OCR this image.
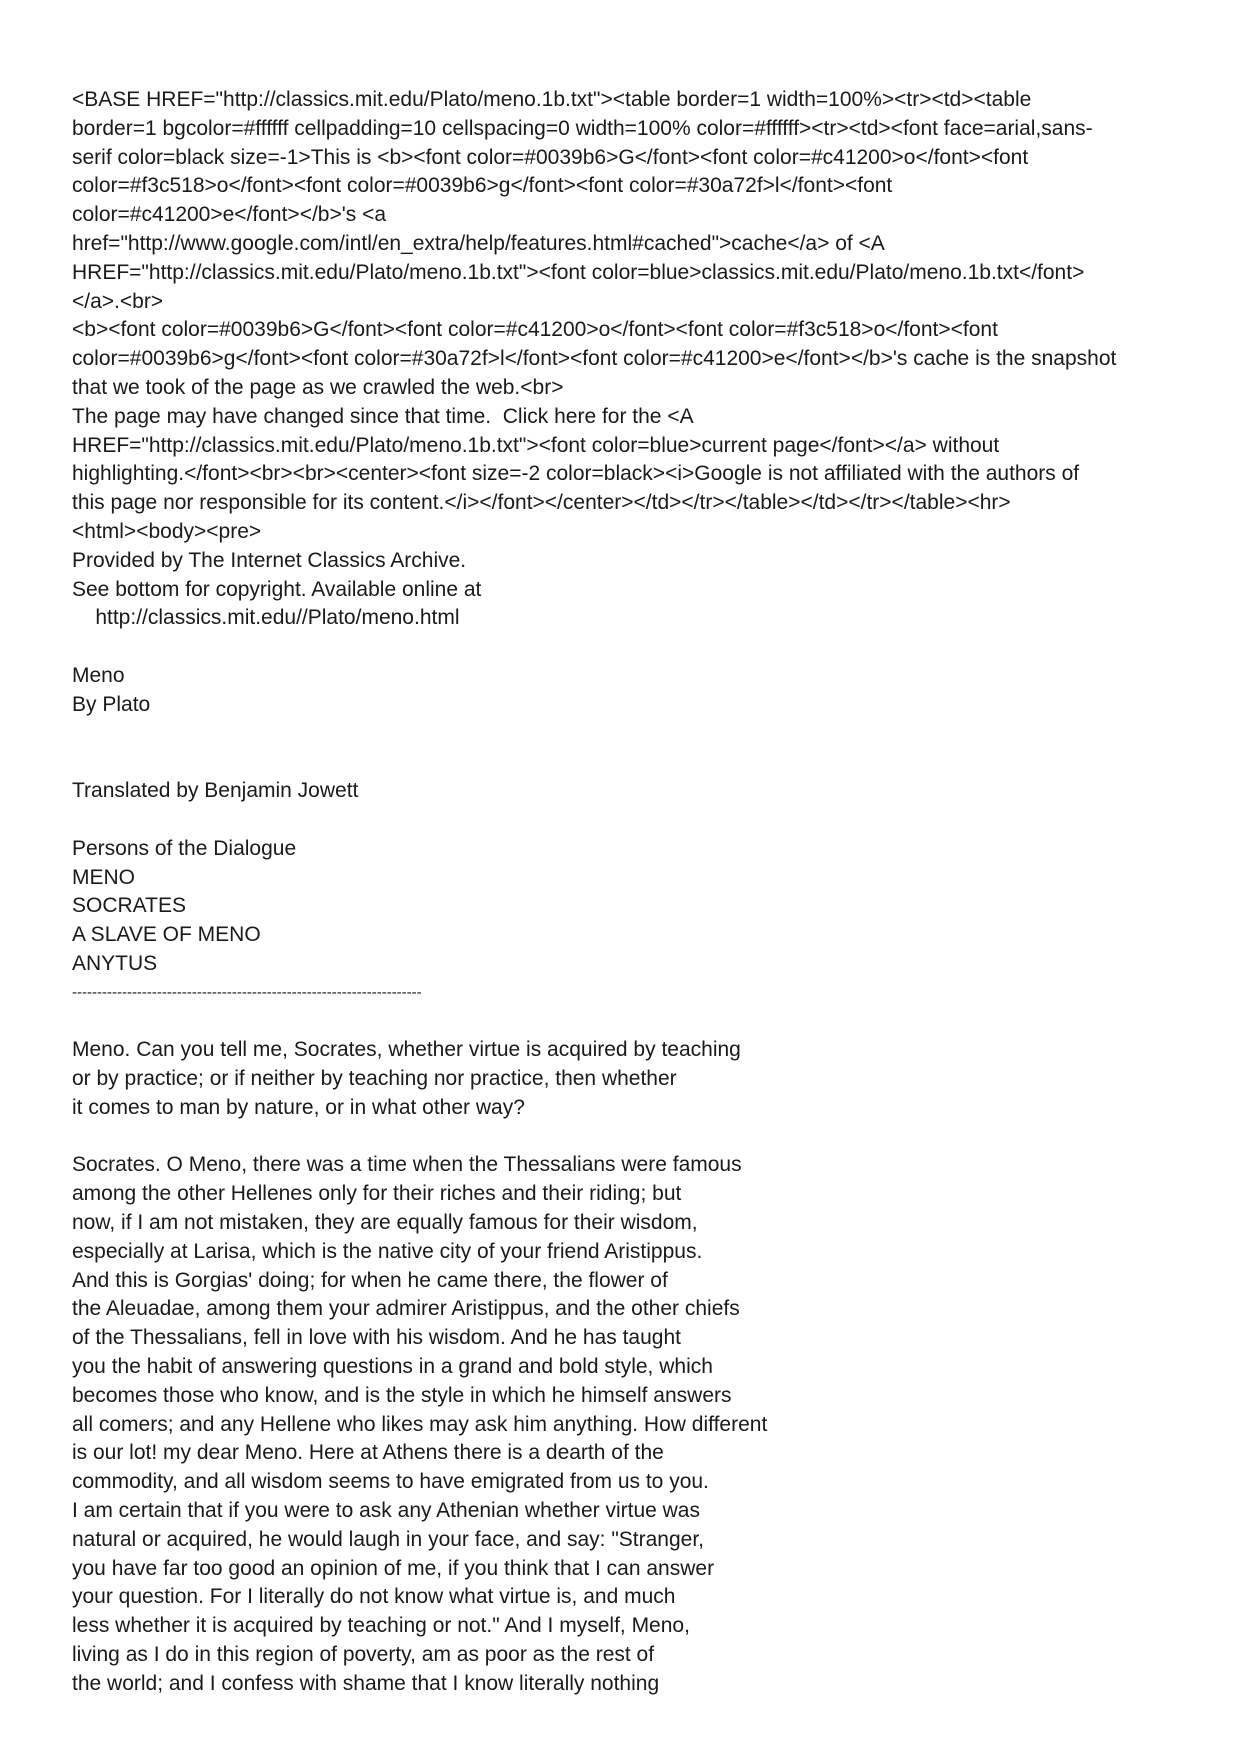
<BASE HREF="http://classics.mit.edu/Plato/meno.1b.txt"><table border=1 width=100%><tr><td><table
border=1 bgcolor=#ffffff cellpadding=10 cellspacing=0 width=100% color=#ffffff><tr><td><font face=arial,sans-
serif color=black size=-1>This is <b><font color=#0039b6>G</font><font color=#c41200>o</font><font
color=#f3c518>o</font><font color=#0039b6>g</font><font color=#30a72f>l</font><font
color=#c41200>e</font></b>'s <a
href="http://www.google.com/intl/en_extra/help/features.html#cached">cache</a> of <A
HREF="http://classics.mit.edu/Plato/meno.1b.txt"><font color=blue>classics.mit.edu/Plato/meno.1b.txt</font>
</a>.<br>
<b><font color=#0039b6>G</font><font color=#c41200>o</font><font color=#f3c518>o</font><font
color=#0039b6>g</font><font color=#30a72f>l</font><font color=#c41200>e</font></b>'s cache is the snapshot
that we took of the page as we crawled the web.<br>
The page may have changed since that time.  Click here for the <A
HREF="http://classics.mit.edu/Plato/meno.1b.txt"><font color=blue>current page</font></a> without
highlighting.</font><br><br><center><font size=-2 color=black><i>Google is not affiliated with the authors of
this page nor responsible for its content.</i></font></center></td></tr></table></td></tr></table><hr>
<html><body><pre>
Provided by The Internet Classics Archive.
See bottom for copyright. Available online at
http://classics.mit.edu//Plato/meno.html
Meno
By Plato
Translated by Benjamin Jowett
Persons of the Dialogue
MENO
SOCRATES
A SLAVE OF MENO
ANYTUS
----------------------------------------------------------------------
Meno. Can you tell me, Socrates, whether virtue is acquired by teaching
or by practice; or if neither by teaching nor practice, then whether
it comes to man by nature, or in what other way?
Socrates. O Meno, there was a time when the Thessalians were famous
among the other Hellenes only for their riches and their riding; but
now, if I am not mistaken, they are equally famous for their wisdom,
especially at Larisa, which is the native city of your friend Aristippus.
And this is Gorgias' doing; for when he came there, the flower of
the Aleuadae, among them your admirer Aristippus, and the other chiefs
of the Thessalians, fell in love with his wisdom. And he has taught
you the habit of answering questions in a grand and bold style, which
becomes those who know, and is the style in which he himself answers
all comers; and any Hellene who likes may ask him anything. How different
is our lot! my dear Meno. Here at Athens there is a dearth of the
commodity, and all wisdom seems to have emigrated from us to you.
I am certain that if you were to ask any Athenian whether virtue was
natural or acquired, he would laugh in your face, and say: "Stranger,
you have far too good an opinion of me, if you think that I can answer
your question. For I literally do not know what virtue is, and much
less whether it is acquired by teaching or not." And I myself, Meno,
living as I do in this region of poverty, am as poor as the rest of
the world; and I confess with shame that I know literally nothing
